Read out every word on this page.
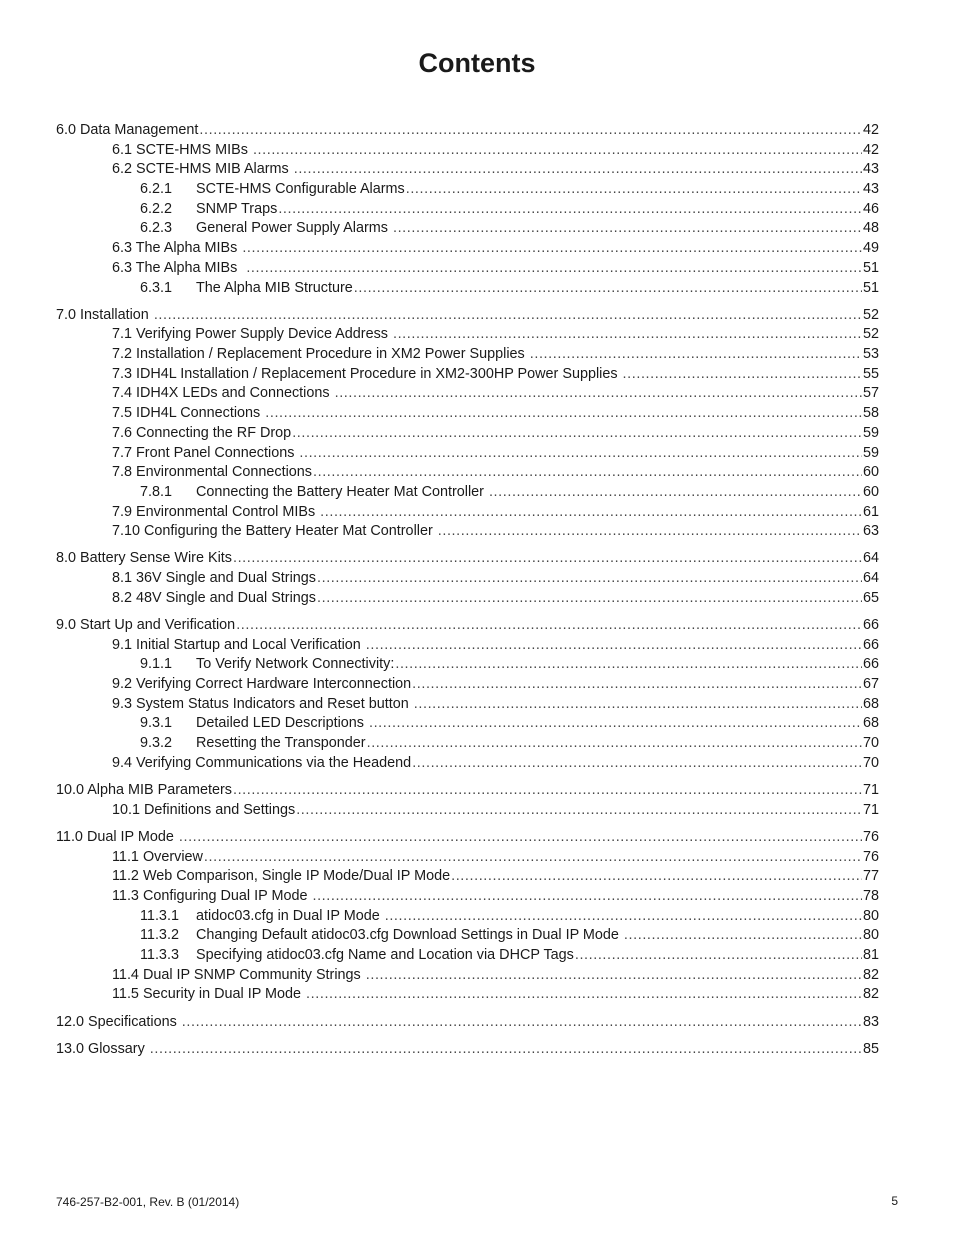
Contents
6.0 Data Management .....	42
6.1 SCTE-HMS MIBs .....	42
6.2 SCTE-HMS MIB Alarms .....	43
6.2.1	SCTE-HMS Configurable Alarms .....	43
6.2.2	SNMP Traps .....	46
6.2.3	General Power Supply Alarms .....	48
6.3 The Alpha MIBs .....	49
6.3 The Alpha MIBs .....	51
6.3.1	The Alpha MIB Structure .....	51
7.0 Installation .....	52
7.1 Verifying Power Supply Device Address .....	52
7.2 Installation / Replacement Procedure in XM2 Power Supplies .....	53
7.3 IDH4L Installation / Replacement Procedure in XM2-300HP Power Supplies .....	55
7.4 IDH4X LEDs and Connections .....	57
7.5 IDH4L Connections .....	58
7.6 Connecting the RF Drop .....	59
7.7 Front Panel Connections .....	59
7.8 Environmental Connections .....	60
7.8.1	Connecting the Battery Heater Mat Controller .....	60
7.9 Environmental Control MIBs .....	61
7.10 Configuring the Battery Heater Mat Controller .....	63
8.0 Battery Sense Wire Kits .....	64
8.1 36V Single and Dual Strings .....	64
8.2 48V Single and Dual Strings .....	65
9.0 Start Up and Verification .....	66
9.1 Initial Startup and Local Verification .....	66
9.1.1	To Verify Network Connectivity: .....	66
9.2 Verifying Correct Hardware Interconnection .....	67
9.3 System Status Indicators and Reset button .....	68
9.3.1	Detailed LED Descriptions .....	68
9.3.2	Resetting the Transponder .....	70
9.4 Verifying Communications via the Headend .....	70
10.0 Alpha MIB Parameters .....	71
10.1 Definitions and Settings .....	71
11.0 Dual IP Mode .....	76
11.1 Overview .....	76
11.2 Web Comparison, Single IP Mode/Dual IP Mode .....	77
11.3 Configuring Dual IP Mode .....	78
11.3.1	atidoc03.cfg in Dual IP Mode .....	80
11.3.2	Changing Default atidoc03.cfg Download Settings in Dual IP Mode .....	80
11.3.3	Specifying atidoc03.cfg Name and Location via DHCP Tags .....	81
11.4 Dual IP SNMP Community Strings .....	82
11.5 Security in Dual IP Mode .....	82
12.0 Specifications .....	83
13.0 Glossary .....	85
746-257-B2-001, Rev. B (01/2014)	5
